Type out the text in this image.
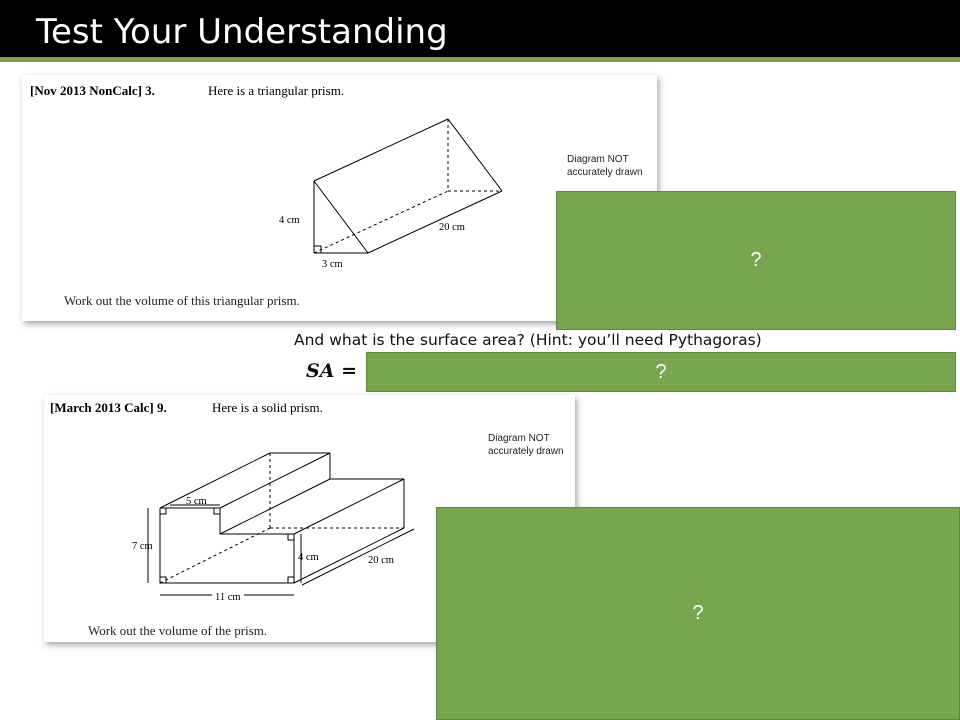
Test Your Understanding
[Nov 2013 NonCalc] 3.	Here is a triangular prism.
4 cm
3 cm
20 cm
Diagram NOT
accurately drawn
Work out the volume of this triangular prism.
?
And what is the surface area? (Hint: you’ll need Pythagoras)
SA =	?
[March 2013 Calc] 9.	Here is a solid prism.
5 cm
7 cm
4 cm
11 cm
20 cm
Diagram NOT
accurately drawn
Work out the volume of the prism.
?
